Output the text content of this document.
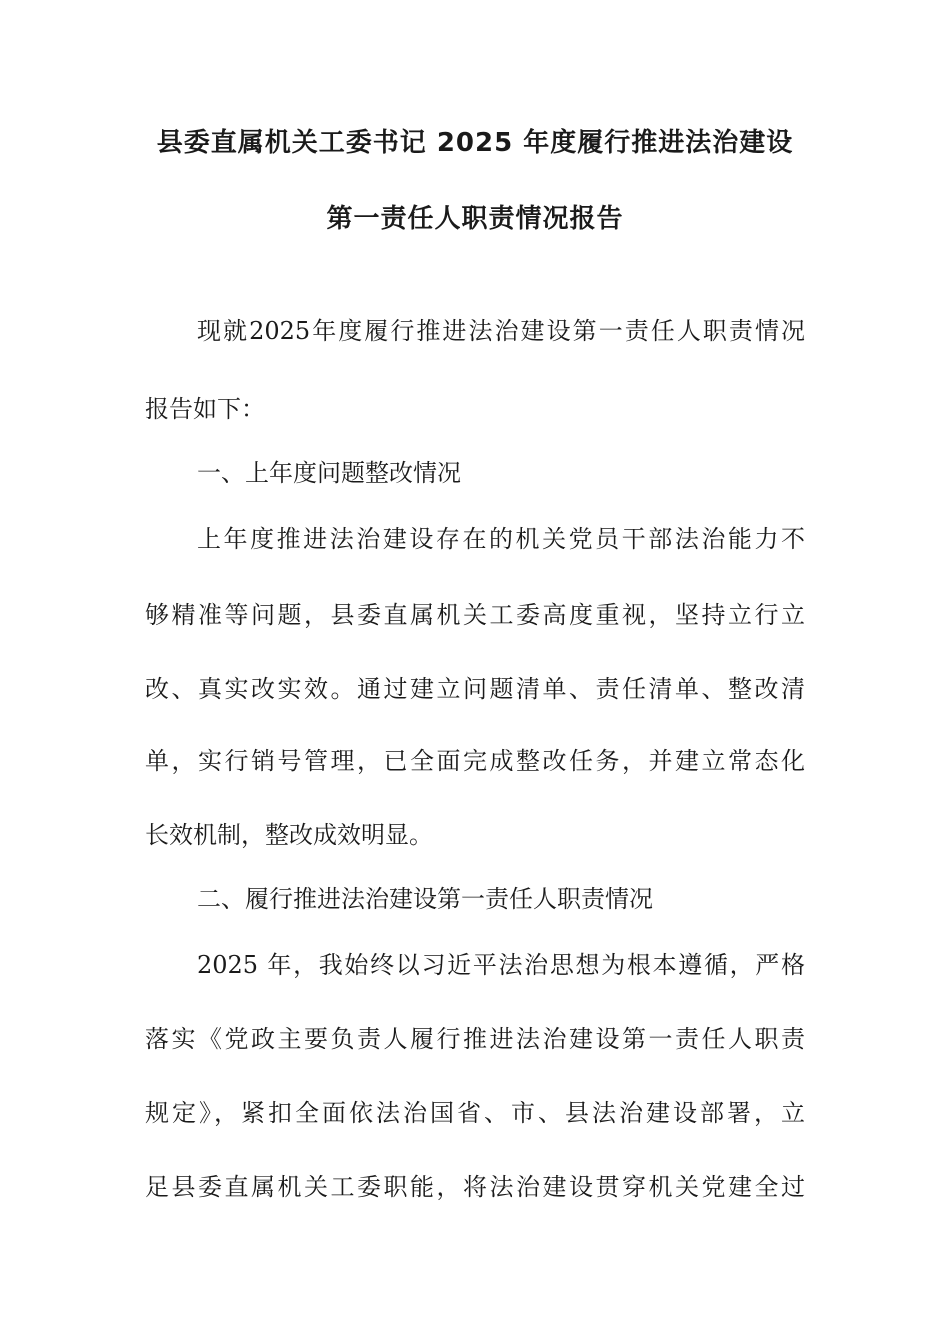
县委直属机关工委书记 2025 年度履行推进法治建设
第一责任人职责情况报告
现就2025年度履行推进法治建设第一责任人职责情况
报告如下：
一、上年度问题整改情况
上年度推进法治建设存在的机关党员干部法治能力不
够精准等问题，县委直属机关工委高度重视，坚持立行立
改、真实改实效。通过建立问题清单、责任清单、整改清
单，实行销号管理，已全面完成整改任务，并建立常态化
长效机制，整改成效明显。
二、履行推进法治建设第一责任人职责情况
2025 年，我始终以习近平法治思想为根本遵循，严格
落实《党政主要负责人履行推进法治建设第一责任人职责
规定》，紧扣全面依法治国省、市、县法治建设部署，立
足县委直属机关工委职能，将法治建设贯穿机关党建全过
